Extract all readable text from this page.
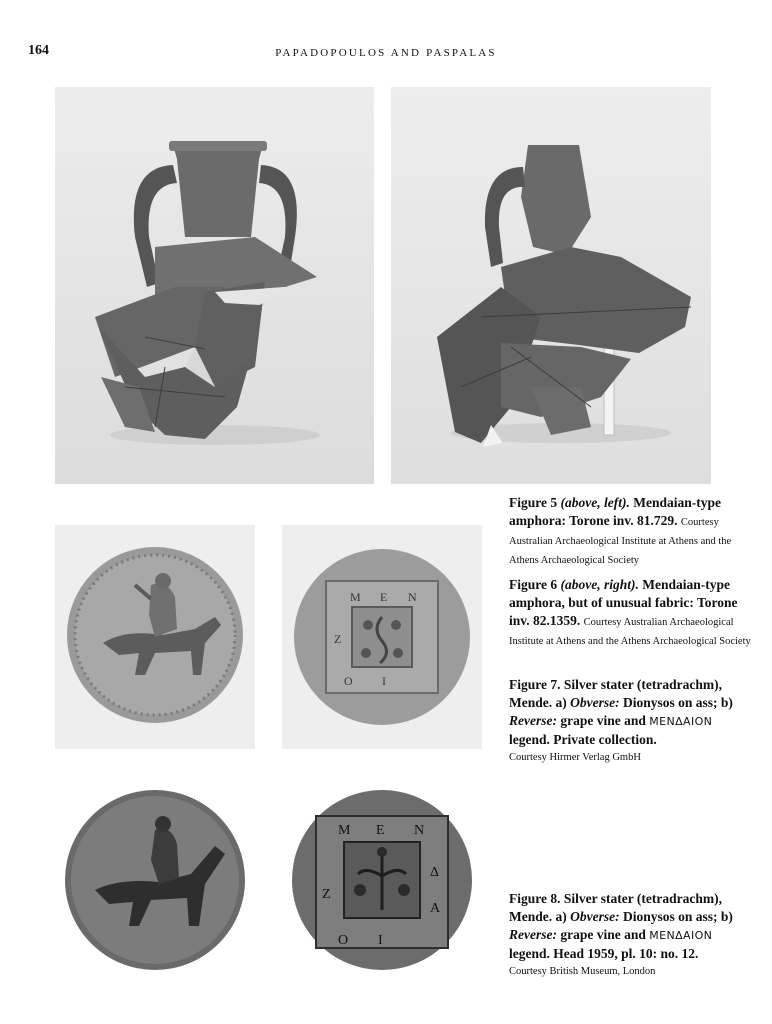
164	PAPADOPOULOS AND PASPALAS
Μ Ε Ν
Ζ
Ο Ι
Μ Ε Ν
Δ
Α
Ζ
Ο Ι
Figure 5 (above, left). Mendaian-type amphora: Torone inv. 81.729. Courtesy Australian Archaeological Institute at Athens and the Athens Archaeological Society
Figure 6 (above, right). Mendaian-type amphora, but of unusual fabric: Torone inv. 82.1359. Courtesy Australian Archaeological Institute at Athens and the Athens Archaeological Society
Figure 7. Silver stater (tetradrachm), Mende. a) Obverse: Dionysos on ass; b) Reverse: grape vine and ΜΕΝΔΑΙΟΝ legend. Private collection.
Courtesy Hirmer Verlag GmbH
Figure 8. Silver stater (tetradrachm), Mende. a) Obverse: Dionysos on ass; b) Reverse: grape vine and ΜΕΝΔΑΙΟΝ legend. Head 1959, pl. 10: no. 12.
Courtesy British Museum, London
